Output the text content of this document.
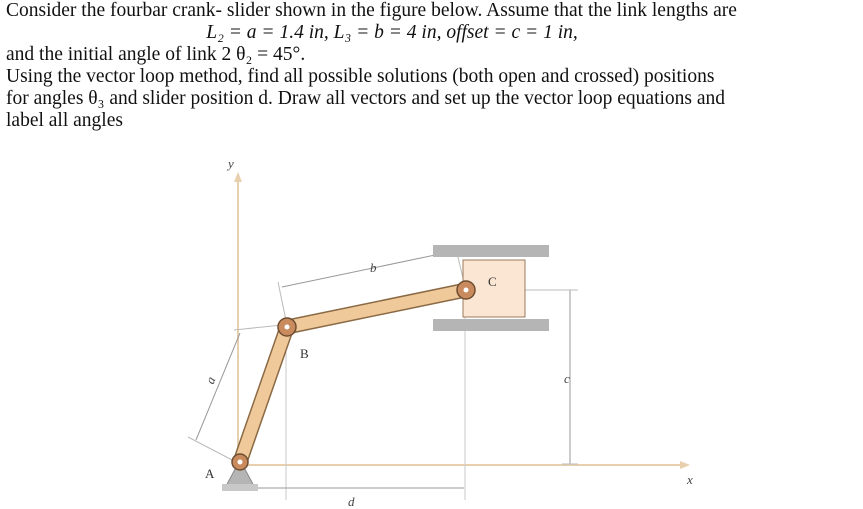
Consider the fourbar crank- slider shown in the figure below. Assume that the link lengths are
L₂ = a = 1.4 in, L₃ = b = 4 in, offset = c = 1 in,
and the initial angle of link 2 θ₂ = 45°.
Using the vector loop method, find all possible solutions (both open and crossed) positions
for angles θ₃ and slider position d. Draw all vectors and set up the vector loop equations and
label all angles
y
x
a
b
c
d
C
A
B
